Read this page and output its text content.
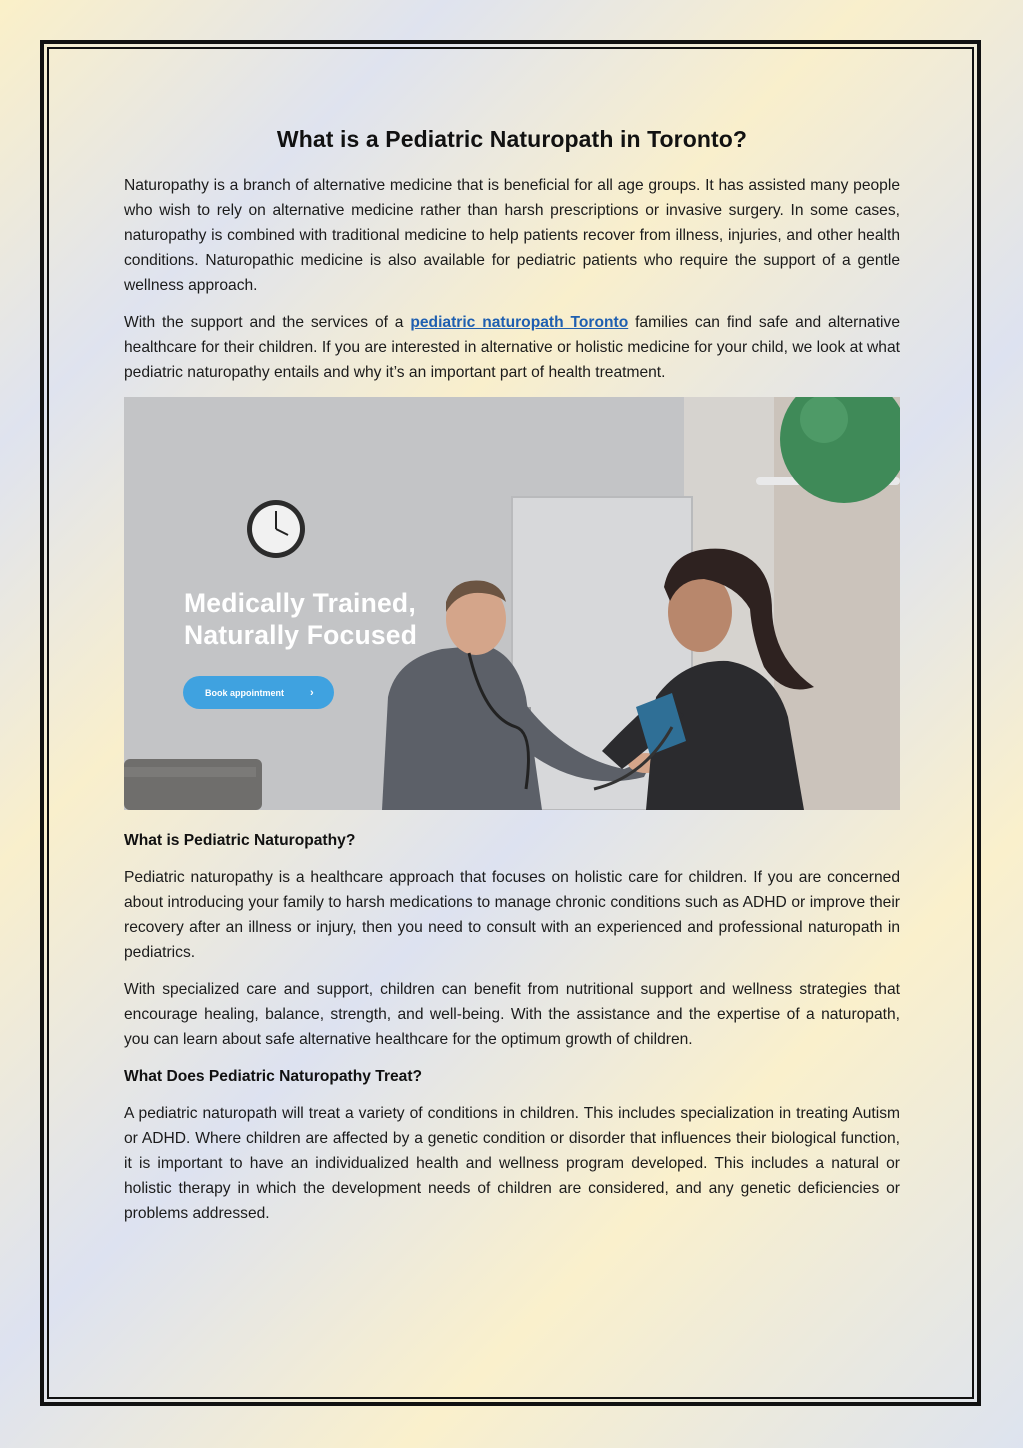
What is a Pediatric Naturopath in Toronto?

Naturopathy is a branch of alternative medicine that is beneficial for all age groups. It has assisted many people who wish to rely on alternative medicine rather than harsh prescriptions or invasive surgery. In some cases, naturopathy is combined with traditional medicine to help patients recover from illness, injuries, and other health conditions. Naturopathic medicine is also available for pediatric patients who require the support of a gentle wellness approach.

With the support and the services of a pediatric naturopath Toronto families can find safe and alternative healthcare for their children. If you are interested in alternative or holistic medicine for your child, we look at what pediatric naturopathy entails and why it’s an important part of health treatment.

Medically Trained,
Naturally Focused
Book appointment ›
What is Pediatric Naturopathy?

Pediatric naturopathy is a healthcare approach that focuses on holistic care for children. If you are concerned about introducing your family to harsh medications to manage chronic conditions such as ADHD or improve their recovery after an illness or injury, then you need to consult with an experienced and professional naturopath in pediatrics.

With specialized care and support, children can benefit from nutritional support and wellness strategies that encourage healing, balance, strength, and well-being. With the assistance and the expertise of a naturopath, you can learn about safe alternative healthcare for the optimum growth of children.

What Does Pediatric Naturopathy Treat?

A pediatric naturopath will treat a variety of conditions in children. This includes specialization in treating Autism or ADHD. Where children are affected by a genetic condition or disorder that influences their biological function, it is important to have an individualized health and wellness program developed. This includes a natural or holistic therapy in which the development needs of children are considered, and any genetic deficiencies or problems addressed.
